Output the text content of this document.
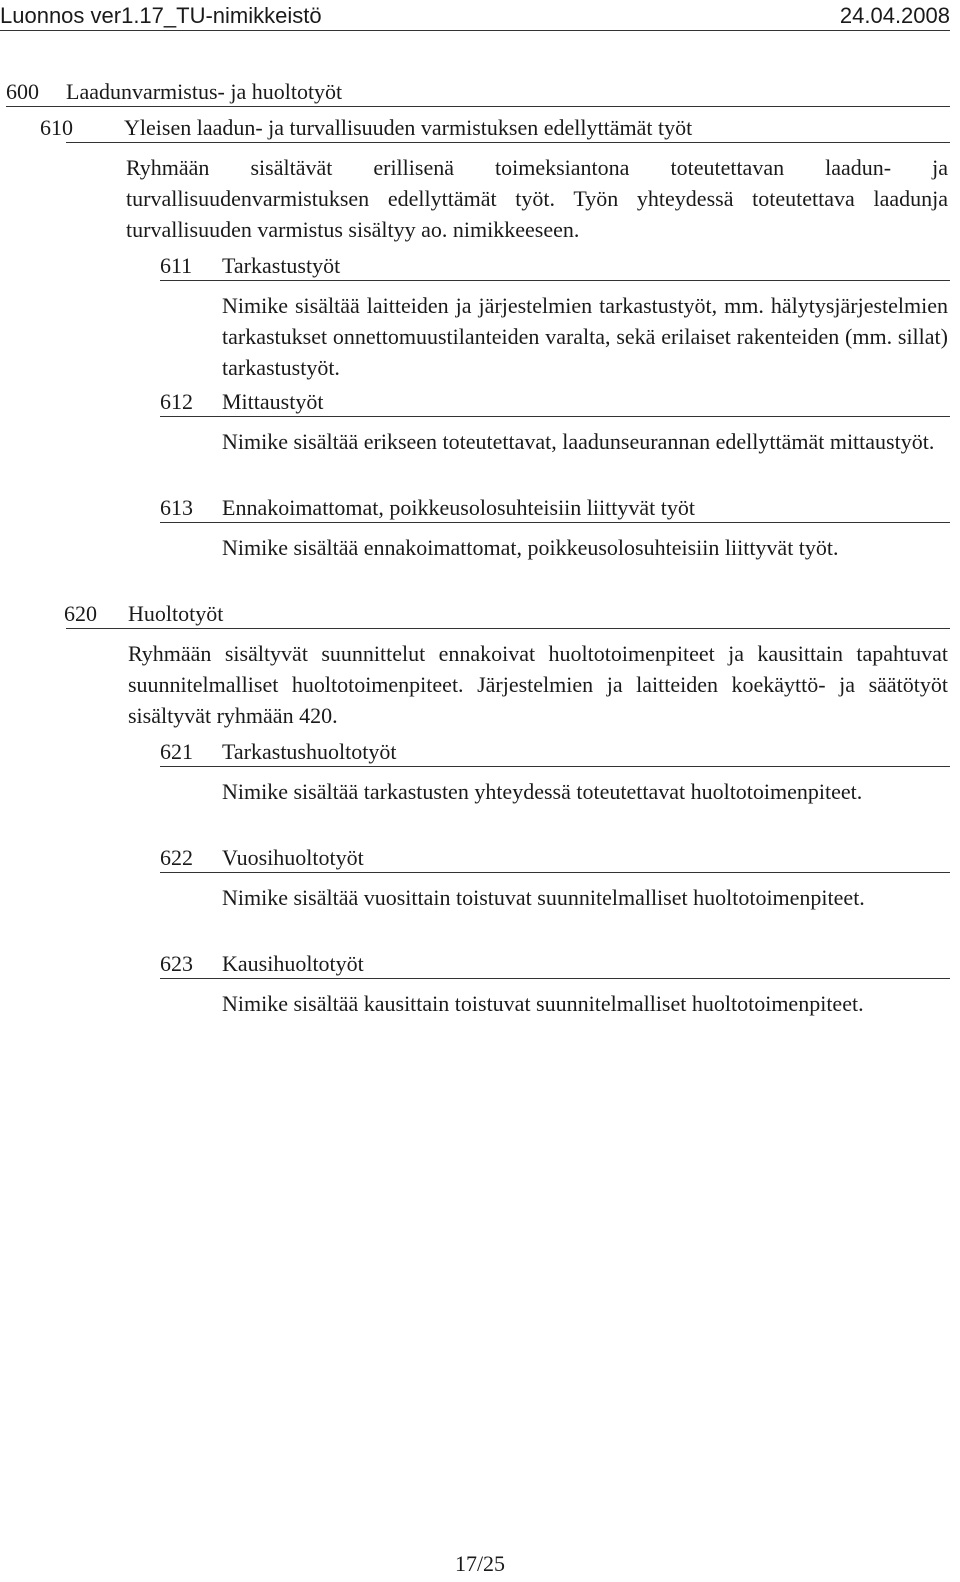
Luonnos ver1.17_TU-nimikkeistö	24.04.2008
600 Laadunvarmistus- ja huoltotyöt
610 Yleisen laadun- ja turvallisuuden varmistuksen edellyttämät työt

Ryhmään sisältävät erillisenä toimeksiantona toteutettavan laadun- ja turvallisuudenvarmistuksen edellyttämät työt. Työn yhteydessä toteutettava laadunja turvallisuuden varmistus sisältyy ao. nimikkeeseen.

611 Tarkastustyöt

Nimike sisältää laitteiden ja järjestelmien tarkastustyöt, mm. hälytysjärjestelmien tarkastukset onnettomuustilanteiden varalta, sekä erilaiset rakenteiden (mm. sillat) tarkastustyöt.

612 Mittaustyöt

Nimike sisältää erikseen toteutettavat, laadunseurannan edellyttämät mittaustyöt.

613 Ennakoimattomat, poikkeusolosuhteisiin liittyvät työt

Nimike sisältää ennakoimattomat, poikkeusolosuhteisiin liittyvät työt.

620 Huoltotyöt

Ryhmään sisältyvät suunnittelut ennakoivat huoltotoimenpiteet ja kausittain tapahtuvat suunnitelmalliset huoltotoimenpiteet. Järjestelmien ja laitteiden koekäyttö- ja säätötyöt sisältyvät ryhmään 420.

621 Tarkastushuoltotyöt

Nimike sisältää tarkastusten yhteydessä toteutettavat huoltotoimenpiteet.

622 Vuosihuoltotyöt

Nimike sisältää vuosittain toistuvat suunnitelmalliset huoltotoimenpiteet.

623 Kausihuoltotyöt

Nimike sisältää kausittain toistuvat suunnitelmalliset huoltotoimenpiteet.

17/25
